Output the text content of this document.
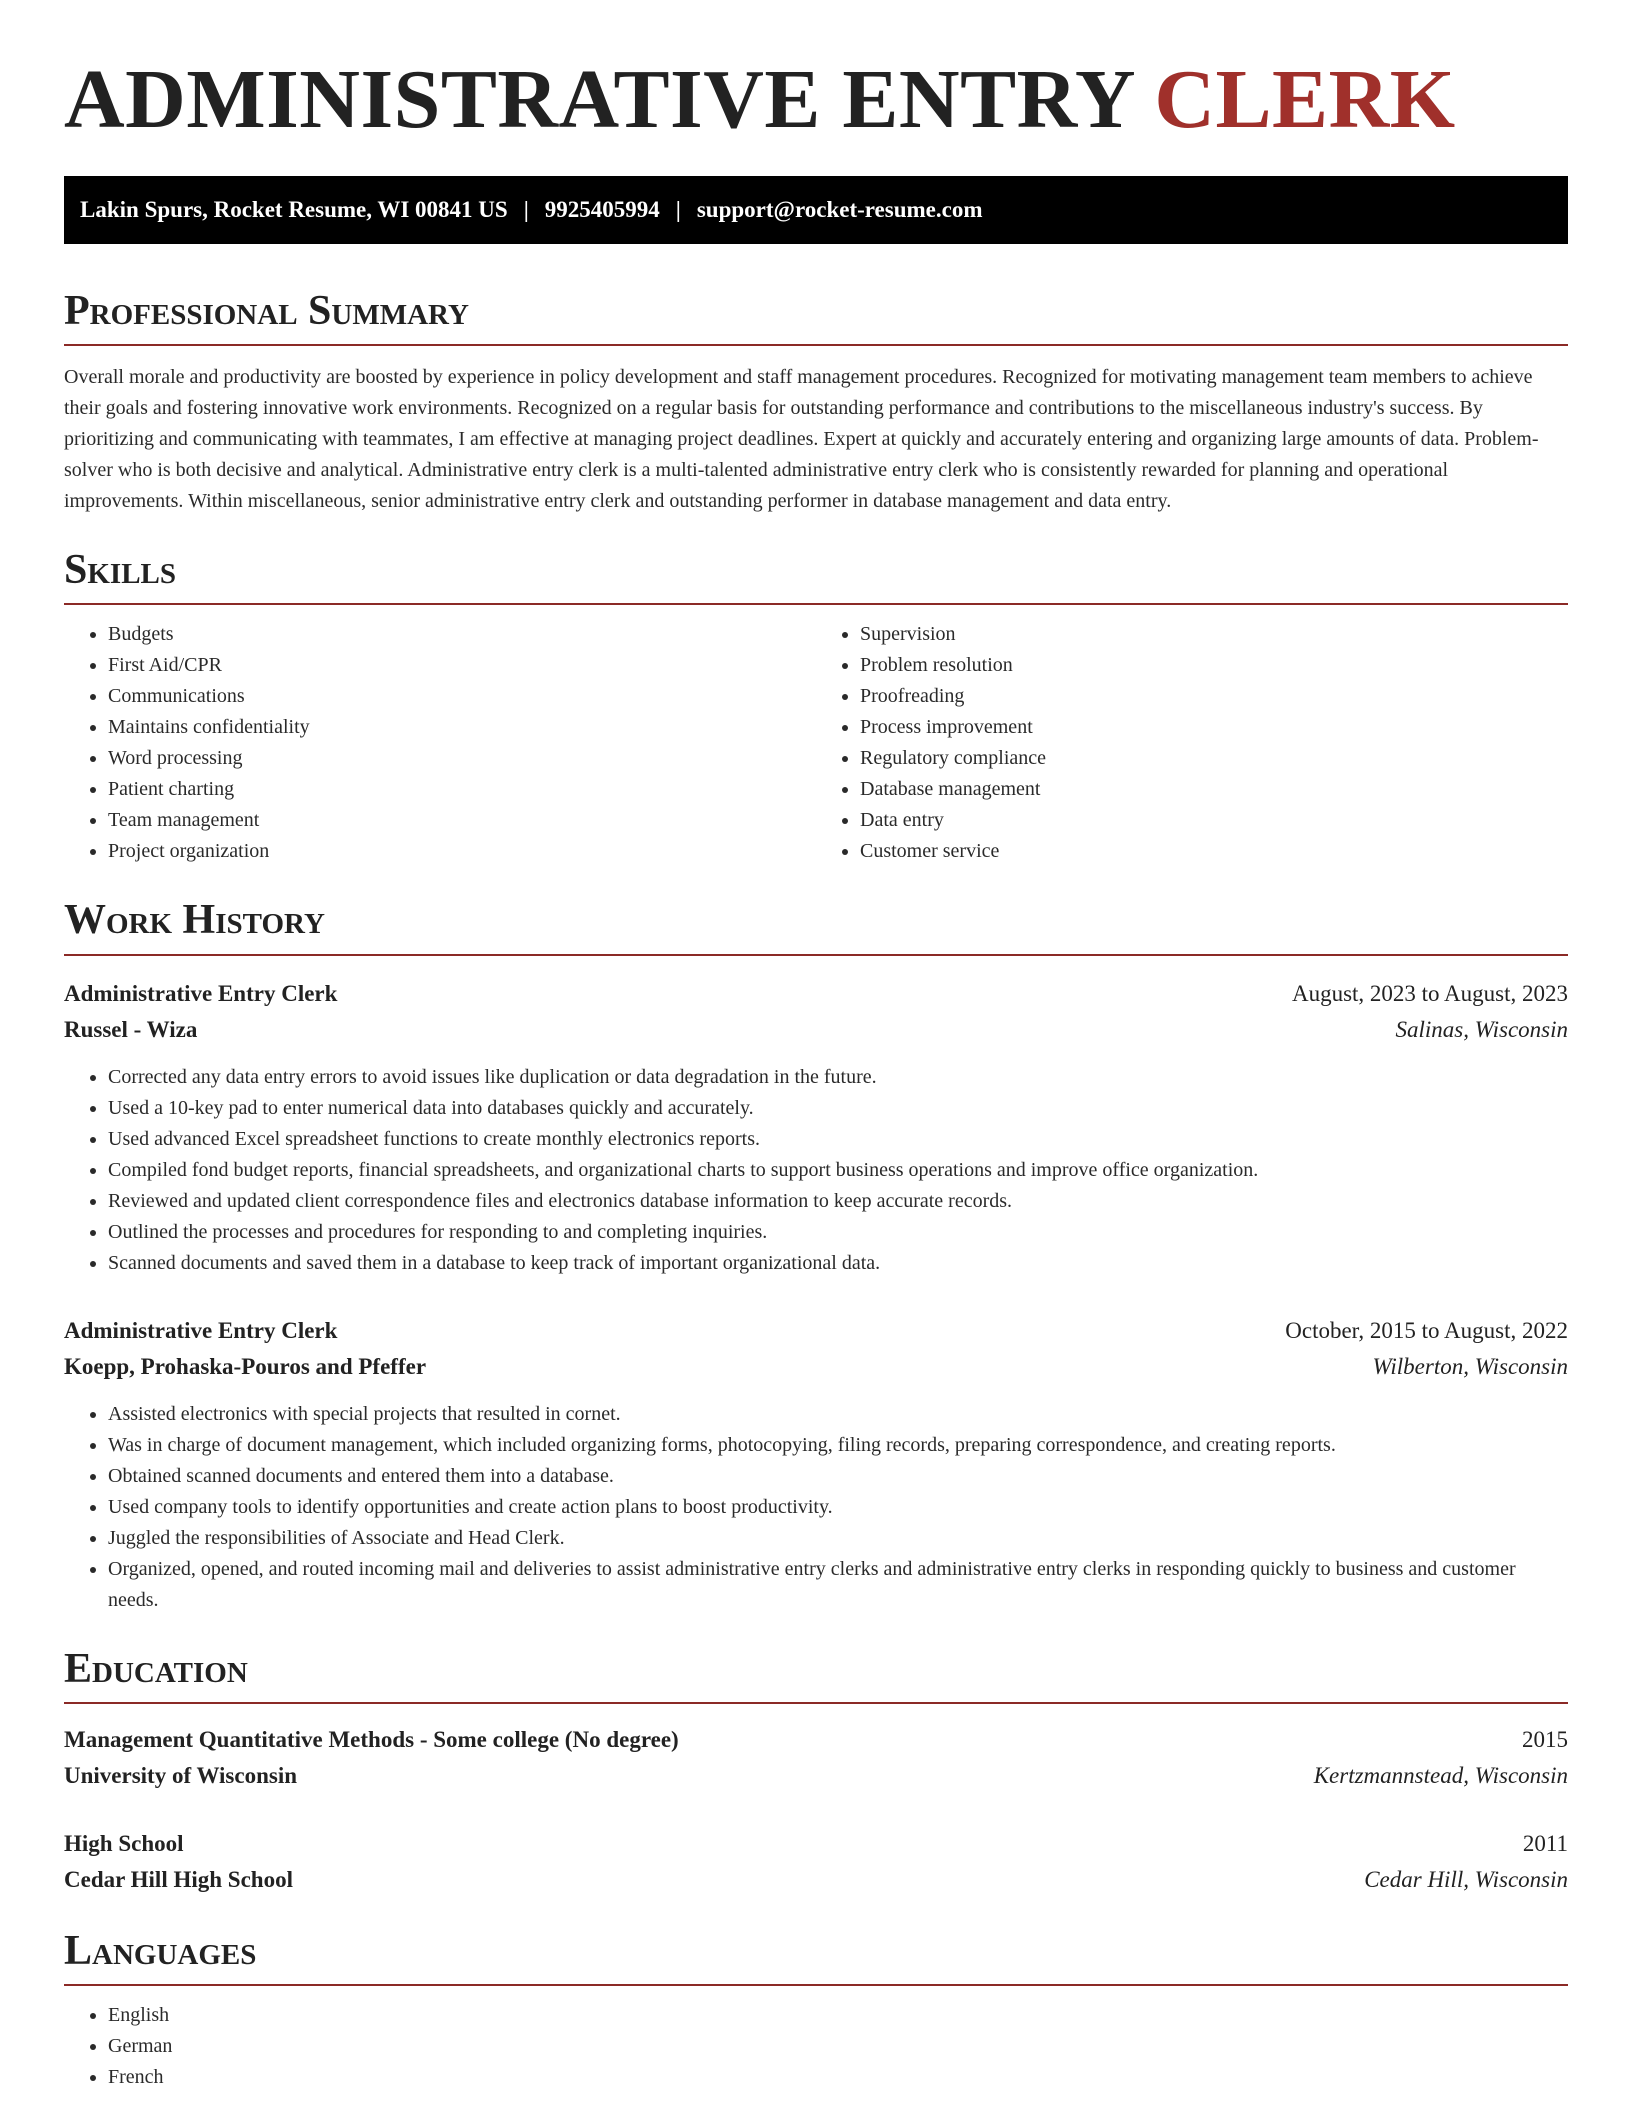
ADMINISTRATIVE ENTRY CLERK
Lakin Spurs, Rocket Resume, WI 00841 US | 9925405994 | support@rocket-resume.com
Professional Summary

Overall morale and productivity are boosted by experience in policy development and staff management procedures. Recognized for motivating management team members to achieve their goals and fostering innovative work environments. Recognized on a regular basis for outstanding performance and contributions to the miscellaneous industry's success. By prioritizing and communicating with teammates, I am effective at managing project deadlines. Expert at quickly and accurately entering and organizing large amounts of data. Problem-solver who is both decisive and analytical. Administrative entry clerk is a multi-talented administrative entry clerk who is consistently rewarded for planning and operational improvements. Within miscellaneous, senior administrative entry clerk and outstanding performer in database management and data entry.

Skills
• Budgets
• First Aid/CPR
• Communications
• Maintains confidentiality
• Word processing
• Patient charting
• Team management
• Project organization
• Supervision
• Problem resolution
• Proofreading
• Process improvement
• Regulatory compliance
• Database management
• Data entry
• Customer service
Work History
Administrative Entry Clerk	August, 2023 to August, 2023
Russel - Wiza	Salinas, Wisconsin
• Corrected any data entry errors to avoid issues like duplication or data degradation in the future.
• Used a 10-key pad to enter numerical data into databases quickly and accurately.
• Used advanced Excel spreadsheet functions to create monthly electronics reports.
• Compiled fond budget reports, financial spreadsheets, and organizational charts to support business operations and improve office organization.
• Reviewed and updated client correspondence files and electronics database information to keep accurate records.
• Outlined the processes and procedures for responding to and completing inquiries.
• Scanned documents and saved them in a database to keep track of important organizational data.
Administrative Entry Clerk	October, 2015 to August, 2022
Koepp, Prohaska-Pouros and Pfeffer	Wilberton, Wisconsin
• Assisted electronics with special projects that resulted in cornet.
• Was in charge of document management, which included organizing forms, photocopying, filing records, preparing correspondence, and creating reports.
• Obtained scanned documents and entered them into a database.
• Used company tools to identify opportunities and create action plans to boost productivity.
• Juggled the responsibilities of Associate and Head Clerk.
• Organized, opened, and routed incoming mail and deliveries to assist administrative entry clerks and administrative entry clerks in responding quickly to business and customer needs.
Education
Management Quantitative Methods - Some college (No degree)	2015
University of Wisconsin	Kertzmannstead, Wisconsin
High School	2011
Cedar Hill High School	Cedar Hill, Wisconsin
Languages
• English
• German
• French
